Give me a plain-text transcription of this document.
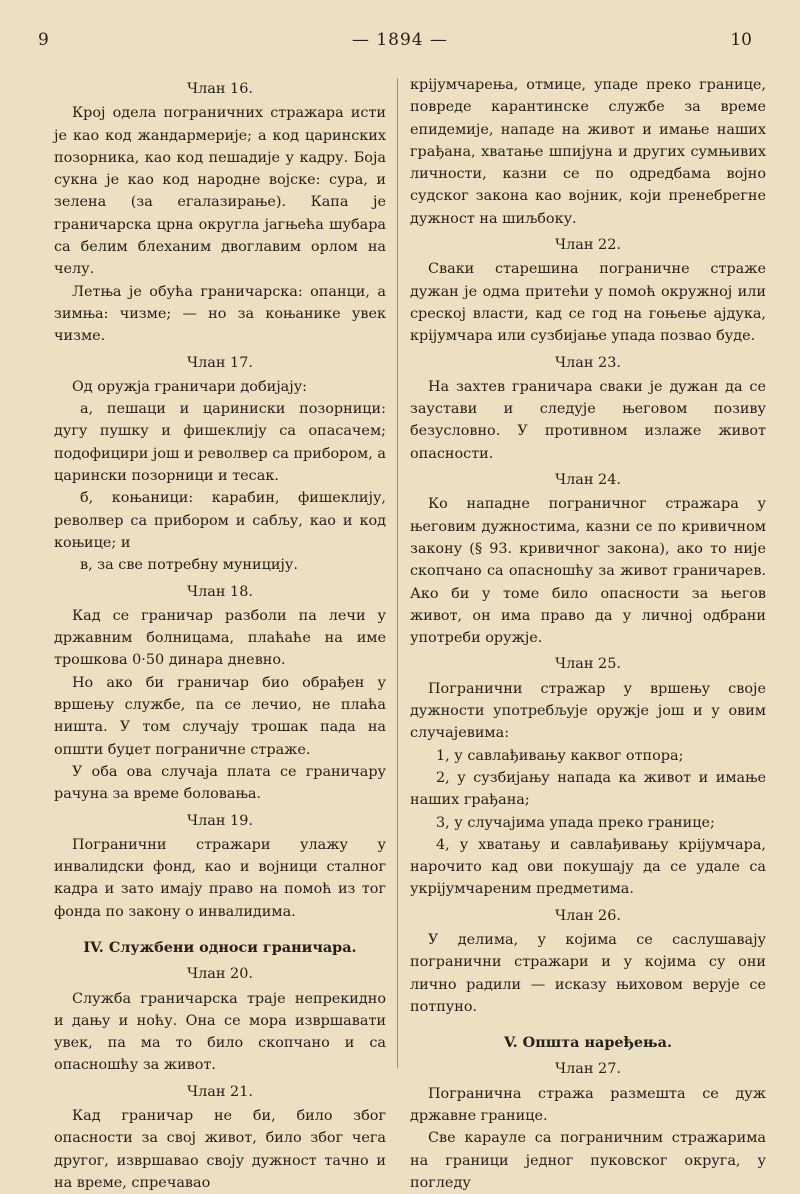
9	— 1894 —	10

Члан 16.

Крој одела пограничних стражара исти је као код жандармерије; а код царинских позорника, као код пешадије у кадру. Боја сукна је као код народне војске: сура, и зелена (за егалазирање). Капа је граничарска црна округла јагњећа шубара са белим блеханим двоглавим орлом на челу.

Летња је обућа граничарска: опанци, а зимња: чизме; — но за коњанике увек чизме.

Члан 17.

Од оружја граничари добијају:

а, пешаци и цариниски позорници: дугу пушку и фишеклију са опасачем; подофицири још и револвер са прибором, а царински позорници и тесак.

б, коњаници: карабин, фишеклију, револвер са прибором и сабљу, као и код коњице; и

в, за све потребну муницију.

Члан 18.

Кад се граничар разболи па лечи у државним болницама, плаћаће на име трошкова 0·50 динара дневно.

Но ако би граничар био обрађен у вршењу службе, па се лечио, не плаћа ништа. У том случају трошак пада на општи буџет пограничне страже.

У оба ова случаја плата се граничару рачуна за време боловања.

Члан 19.

Погранични стражари улажу у инвалидски фонд, као и војници сталног кадра и зато имају право на помоћ из тог фонда по закону о инвалидима.

IV. Службени односи граничара.

Члан 20.

Служба граничарска траје непрекидно и дању и ноћу. Она се мора извршавати увек, па ма то било скопчано и са опасношћу за живот.

Члан 21.

Кад граничар не би, било због опасности за свој живот, било због чега другог, извршавао своју дужност тачно и на време, спречавао

крijумчарења, отмице, упаде преко границе, повреде карантинске службе за време епидемије, нападе на живот и имање наших грађана, хватање шпијуна и других сумњивих личности, казни се по одредбама војно судског закона као војник, који пренебрегне дужност на шиљбоку.

Члан 22.

Сваки старешина пограничне страже дужан је одма притећи у помоћ окружној или среској власти, кад се год на гоњење ајдука, крijумчара или сузбијање упада позвао буде.

Члан 23.

На захтев граничара сваки је дужан да се заустави и следује његовом позиву безусловно. У противном излаже живот опасности.

Члан 24.

Ко нападне пограничног стражара у његовим дужностима, казни се по кривичном закону (§ 93. кривичног закона), ако то није скопчано са опасношћу за живот граничарев. Ако би у томе било опасности за његов живот, он има право да у личној одбрани употреби оружје.

Члан 25.

Погранични стражар у вршењу своје дужности употребљује оружје још и у овим случајевима:

1, у савлађивању каквог отпора;

2, у сузбијању напада ка живот и имање наших грађана;

3, у случајима упада преко границе;

4, у хватању и савлађивању крijумчара, нарочито кад ови покушају да се удале са укрijумчареним предметима.

Члан 26.

У делима, у којима се саслушавају погранични стражари и у којима су они лично радили — исказу њиховом верује се потпуно.

V. Општа наређења.

Члан 27.

Погранична стража размешта се дуж државне границе.

Све карауле са пограничним стражарима на граници једног пуковског округа, у погледу
